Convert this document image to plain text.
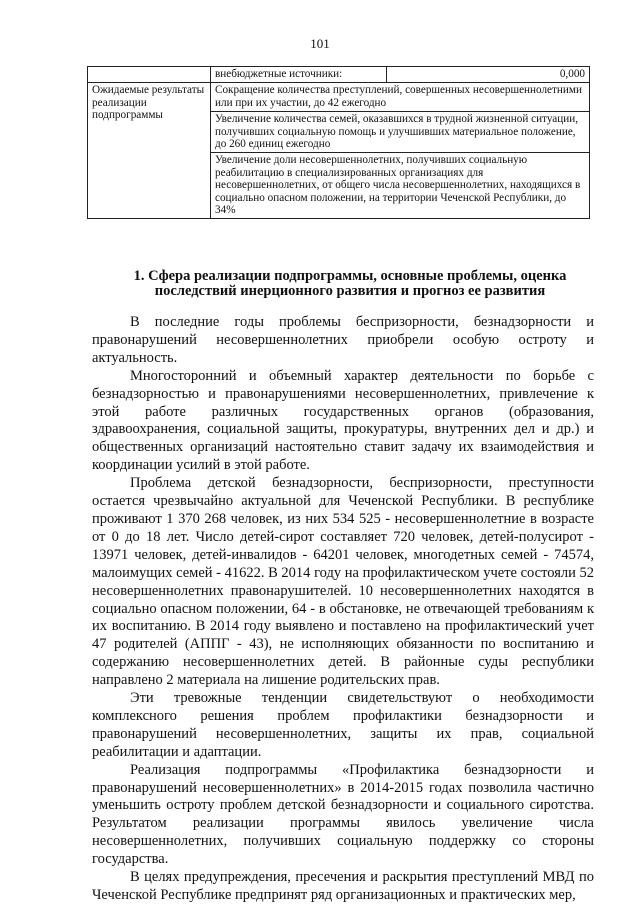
101
	внебюджетные источники:	0,000
Ожидаемые результаты реализации подпрограммы	Сокращение количества преступлений, совершенных несовершеннолетними или при их участии, до 42 ежегодно	
	Увеличение количества семей, оказавшихся в трудной жизненной ситуации, получивших социальную помощь и улучшивших материальное положение, до 260 единиц ежегодно	
	Увеличение доли несовершеннолетних, получивших социальную реабилитацию в специализированных организациях для несовершеннолетних, от общего числа несовершеннолетних, находящихся в социально опасном положении, на территории Чеченской Республики, до 34%	
1. Сфера реализации подпрограммы, основные проблемы, оценка
последствий инерционного развития и прогноз ее развития

В последние годы проблемы беспризорности, безнадзорности и правонарушений несовершеннолетних приобрели особую остроту и актуальность.

Многосторонний и объемный характер деятельности по борьбе с безнадзорностью и правонарушениями несовершеннолетних, привлечение к этой работе различных государственных органов (образования, здравоохранения, социальной защиты, прокуратуры, внутренних дел и др.) и общественных организаций настоятельно ставит задачу их взаимодействия и координации усилий в этой работе.

Проблема детской безнадзорности, беспризорности, преступности остается чрезвычайно актуальной для Чеченской Республики. В республике проживают 1 370 268 человек, из них 534 525 - несовершеннолетние в возрасте от 0 до 18 лет. Число детей-сирот составляет 720 человек, детей-полусирот - 13971 человек, детей-инвалидов - 64201 человек, многодетных семей - 74574, малоимущих семей - 41622. В 2014 году на профилактическом учете состояли 52 несовершеннолетних правонарушителей. 10 несовершеннолетних находятся в социально опасном положении, 64 - в обстановке, не отвечающей требованиям к их воспитанию. В 2014 году выявлено и поставлено на профилактический учет 47 родителей (АППГ - 43), не исполняющих обязанности по воспитанию и содержанию несовершеннолетних детей. В районные суды республики направлено 2 материала на лишение родительских прав.

Эти тревожные тенденции свидетельствуют о необходимости комплексного решения проблем профилактики безнадзорности и правонарушений несовершеннолетних, защиты их прав, социальной реабилитации и адаптации.

Реализация подпрограммы «Профилактика безнадзорности и правонарушений несовершеннолетних» в 2014-2015 годах позволила частично уменьшить остроту проблем детской безнадзорности и социального сиротства. Результатом реализации программы явилось увеличение числа несовершеннолетних, получивших социальную поддержку со стороны государства.

В целях предупреждения, пресечения и раскрытия преступлений МВД по Чеченской Республике предпринят ряд организационных и практических мер,
